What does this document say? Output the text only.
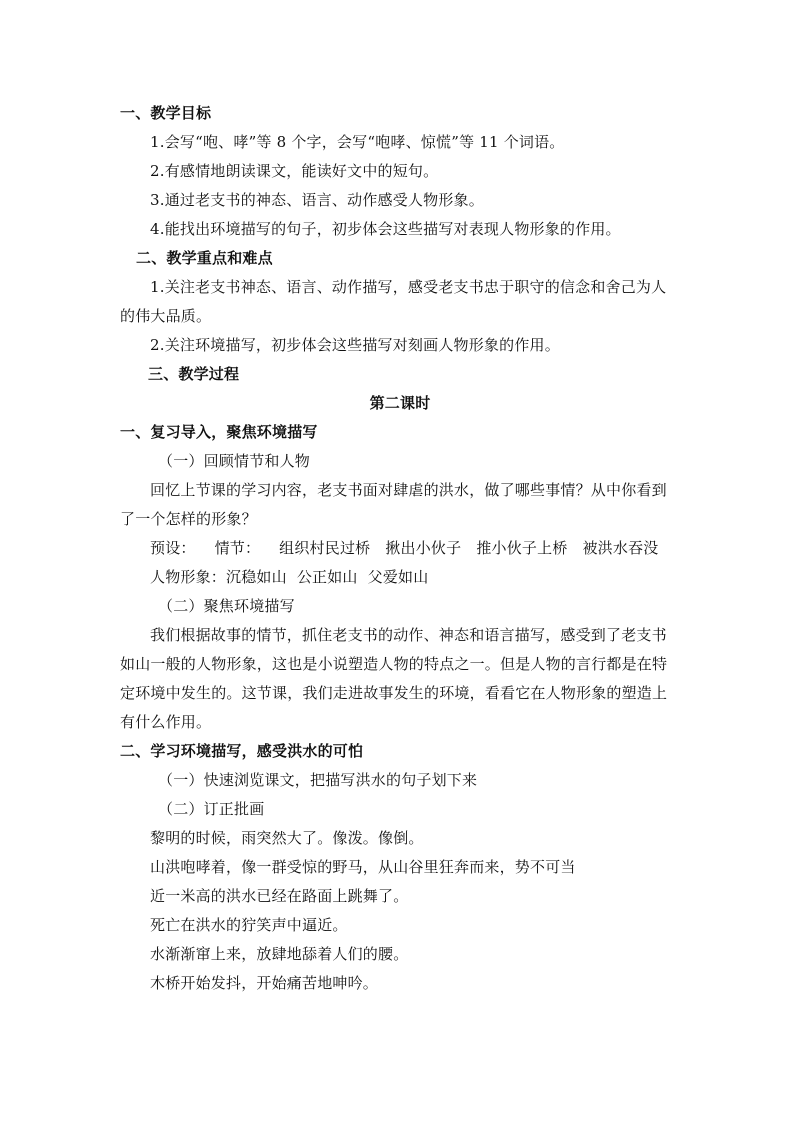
一、教学目标

1.会写“咆、哮”等 8 个字，会写“咆哮、惊慌”等 11 个词语。

2.有感情地朗读课文，能读好文中的短句。

3.通过老支书的神态、语言、动作感受人物形象。

4.能找出环境描写的句子，初步体会这些描写对表现人物形象的作用。

二、教学重点和难点

1.关注老支书神态、语言、动作描写，感受老支书忠于职守的信念和舍己为人的伟大品质。

2.关注环境描写，初步体会这些描写对刻画人物形象的作用。

三、教学过程

第二课时

一、复习导入，聚焦环境描写

（一）回顾情节和人物

回忆上节课的学习内容，老支书面对肆虐的洪水，做了哪些事情？从中你看到了一个怎样的形象？

预设： 情节： 组织村民过桥 揪出小伙子 推小伙子上桥 被洪水吞没

人物形象：沉稳如山 公正如山 父爱如山

（二）聚焦环境描写

我们根据故事的情节，抓住老支书的动作、神态和语言描写，感受到了老支书如山一般的人物形象，这也是小说塑造人物的特点之一。但是人物的言行都是在特定环境中发生的。这节课，我们走进故事发生的环境，看看它在人物形象的塑造上有什么作用。

二、学习环境描写，感受洪水的可怕

（一）快速浏览课文，把描写洪水的句子划下来

（二）订正批画

黎明的时候，雨突然大了。像泼。像倒。

山洪咆哮着，像一群受惊的野马，从山谷里狂奔而来，势不可当

近一米高的洪水已经在路面上跳舞了。

死亡在洪水的狞笑声中逼近。

水渐渐窜上来，放肆地舔着人们的腰。

木桥开始发抖，开始痛苦地呻吟。
